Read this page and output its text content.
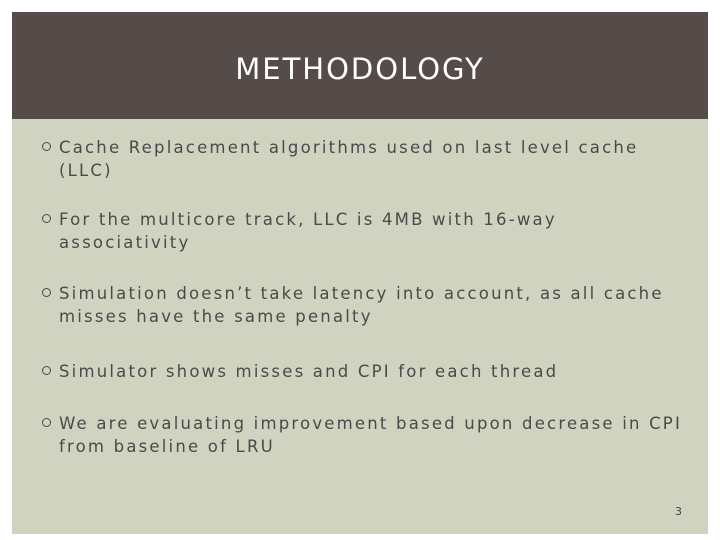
METHODOLOGY
Cache Replacement algorithms used on last level cache (LLC)
For the multicore track, LLC is 4MB with 16-way associativity
Simulation doesn’t take latency into account, as all cache misses have the same penalty
Simulator shows misses and CPI for each thread
We are evaluating improvement based upon decrease in CPI from baseline of LRU
3
